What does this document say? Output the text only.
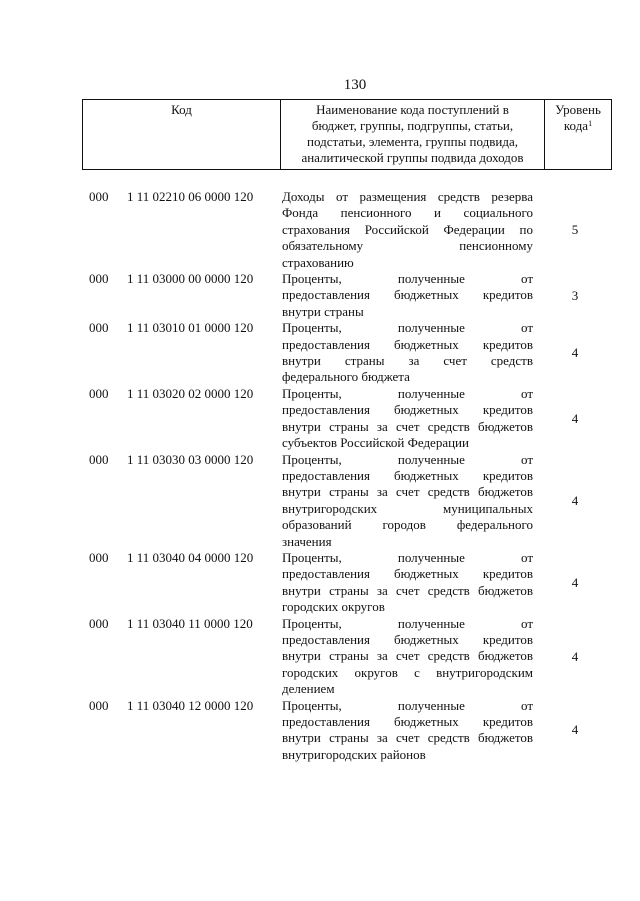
130
Код	Наименование кода поступлений в
бюджет, группы, подгруппы, статьи,
подстатьи, элемента, группы подвида,
аналитической группы подвида доходов

Уровень
кода$^1$
000	1 11 02210 06 0000 120	Доходы от размещения средств резерва
Фонда пенсионного и социального
страхования Российской Федерации по
обязательному пенсионному
страхованию
5
000	1 11 03000 00 0000 120	Проценты, полученные от
предоставления бюджетных кредитов
внутри страны
3
000	1 11 03010 01 0000 120	Проценты, полученные от
предоставления бюджетных кредитов
внутри страны за счет средств
федерального бюджета
4
000	1 11 03020 02 0000 120	Проценты, полученные от
предоставления бюджетных кредитов
внутри страны за счет средств бюджетов
субъектов Российской Федерации
4
000	1 11 03030 03 0000 120	Проценты, полученные от
предоставления бюджетных кредитов
внутри страны за счет средств бюджетов
внутригородских муниципальных
образований городов федерального
значения
4
000	1 11 03040 04 0000 120	Проценты, полученные от
предоставления бюджетных кредитов
внутри страны за счет средств бюджетов
городских округов
4
000	1 11 03040 11 0000 120	Проценты, полученные от
предоставления бюджетных кредитов
внутри страны за счет средств бюджетов
городских округов с внутригородским
делением
4
000	1 11 03040 12 0000 120	Проценты, полученные от
предоставления бюджетных кредитов
внутри страны за счет средств бюджетов
внутригородских районов
4
